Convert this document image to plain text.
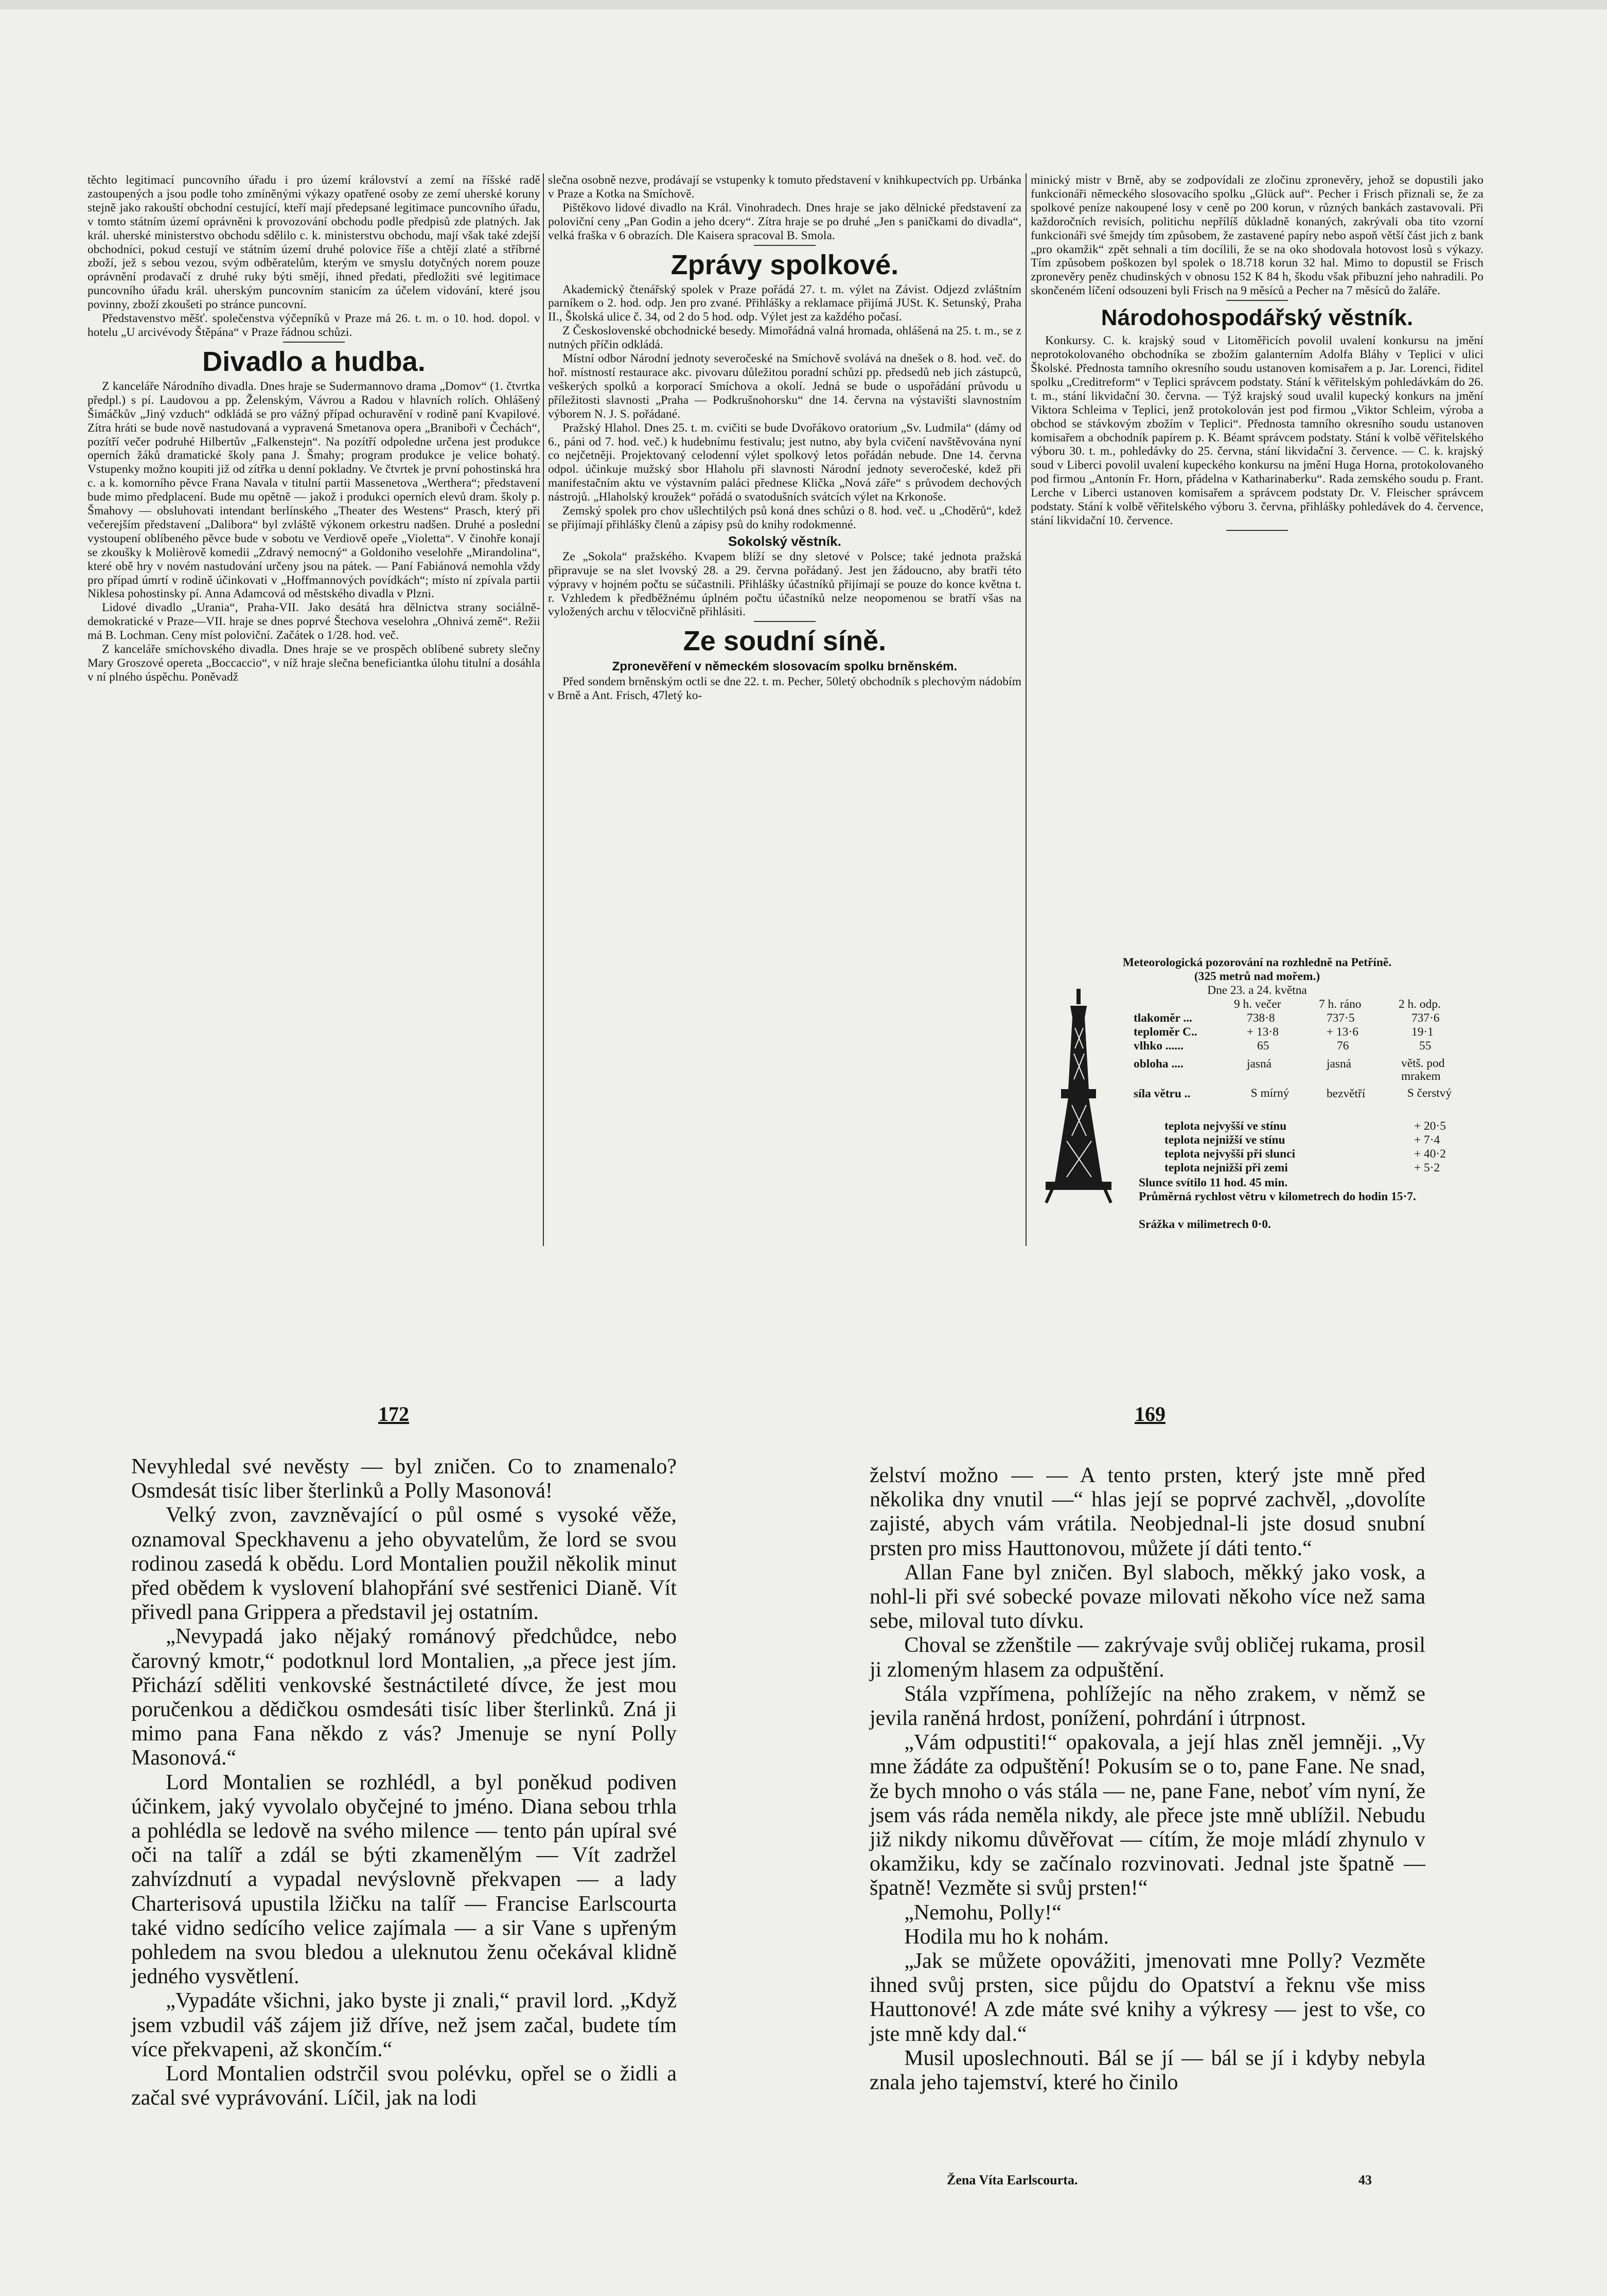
těchto legitimací puncovního úřadu i pro území království a zemí na říšské radě zastoupených a jsou podle toho zmíněnými výkazy opatřené osoby ze zemí uherské koruny stejně jako rakouští obchodní cestující, kteří mají předepsané legitimace puncovního úřadu, v tomto státním území oprávněni k provozování obchodu podle předpisů zde platných. Jak král. uherské ministerstvo obchodu sdělilo c. k. ministerstvu obchodu, mají však také zdejší obchodníci, pokud cestují ve státním území druhé polovice říše a chtějí zlaté a stříbrné zboží, jež s sebou vezou, svým odběratelům, kterým ve smyslu dotyčných norem pouze oprávnění prodavačí z druhé ruky býti smějí, ihned předati, předložiti své legitimace puncovního úřadu král. uherským puncovním stanicím za účelem vidování, které jsou povinny, zboží zkoušeti po stránce puncovní.

Představenstvo měšť. společenstva výčepníků v Praze má 26. t. m. o 10. hod. dopol. v hotelu „U arcivévody Štěpána“ v Praze řádnou schůzi.

Divadlo a hudba.

Z kanceláře Národního divadla. Dnes hraje se Sudermannovo drama „Domov“ (1. čtvrtka předpl.) s pí. Laudovou a pp. Želenským, Vávrou a Radou v hlavních rolích. Ohlášený Šimáčkův „Jiný vzduch“ odkládá se pro vážný případ ochuravění v rodině paní Kvapilové. Zítra hráti se bude nově nastudovaná a vypravená Smetanova opera „Braniboři v Čechách“, pozítří večer podruhé Hilbertův „Falkenstejn“. Na pozítří odpoledne určena jest produkce operních žáků dramatické školy pana J. Šmahy; program produkce je velice bohatý. Vstupenky možno koupiti již od zítřka u denní pokladny. Ve čtvrtek je první pohostinská hra c. a k. komorního pěvce Frana Navala v titulní partii Massenetova „Werthera“; představení bude mimo předplacení. Bude mu opětně — jakož i produkci operních elevů dram. školy p. Šmahovy — obsluhovati intendant berlínského „Theater des Westens“ Prasch, který při večerejším představení „Dalibora“ byl zvláště výkonem orkestru nadšen. Druhé a poslední vystoupení oblíbeného pěvce bude v sobotu ve Verdiově opeře „Violetta“. V činohře konají se zkoušky k Molièrově komedii „Zdravý nemocný“ a Goldoniho veselohře „Mirandolina“, které obě hry v novém nastudování určeny jsou na pátek. — Paní Fabiánová nemohla vždy pro případ úmrtí v rodině účinkovati v „Hoffmannových povídkách“; místo ní zpívala partii Niklesa pohostinsky pí. Anna Adamcová od městského divadla v Plzni.

Lidové divadlo „Urania“, Praha-VII. Jako desátá hra dělnictva strany sociálně-demokratické v Praze—VII. hraje se dnes poprvé Štechova veselohra „Ohnivá země“. Režii má B. Lochman. Ceny míst poloviční. Začátek o 1/28. hod. več.

Z kanceláře smíchovského divadla. Dnes hraje se ve prospěch oblíbené subrety slečny Mary Groszové opereta „Boccaccio“, v níž hraje slečna beneficiantka úlohu titulní a dosáhla v ní plného úspěchu. Poněvadž

slečna osobně nezve, prodávají se vstupenky k tomuto představení v knihkupectvích pp. Urbánka v Praze a Kotka na Smíchově.

Pištěkovo lidové divadlo na Král. Vinohradech. Dnes hraje se jako dělnické představení za poloviční ceny „Pan Godin a jeho dcery“. Zítra hraje se po druhé „Jen s paničkami do divadla“, velká fraška v 6 obrazích. Dle Kaisera spracoval B. Smola.

Zprávy spolkové.

Akademický čtenářský spolek v Praze pořádá 27. t. m. výlet na Závist. Odjezd zvláštním parníkem o 2. hod. odp. Jen pro zvané. Přihlášky a reklamace přijímá JUSt. K. Setunský, Praha II., Školská ulice č. 34, od 2 do 5 hod. odp. Výlet jest za každého počasí.

Z Československé obchodnické besedy. Mimořádná valná hromada, ohlášená na 25. t. m., se z nutných příčin odkládá.

Místní odbor Národní jednoty severočeské na Smíchově svolává na dnešek o 8. hod. več. do hoř. místností restaurace akc. pivovaru důležitou poradní schůzi pp. předsedů neb jich zástupců, veškerých spolků a korporací Smíchova a okolí. Jedná se bude o uspořádání průvodu u příležitosti slavnosti „Praha — Podkrušnohorsku“ dne 14. června na výstavišti slavnostním výborem N. J. S. pořádané.

Pražský Hlahol. Dnes 25. t. m. cvičiti se bude Dvořákovo oratorium „Sv. Ludmila“ (dámy od 6., páni od 7. hod. več.) k hudebnímu festivalu; jest nutno, aby byla cvičení navštěvována nyní co nejčetněji. Projektovaný celodenní výlet spolkový letos pořádán nebude. Dne 14. června odpol. účinkuje mužský sbor Hlaholu při slavnosti Národní jednoty severočeské, kdež při manifestačním aktu ve výstavním paláci přednese Klička „Nová záře“ s průvodem dechových nástrojů. „Hlaholský kroužek“ pořádá o svatodušních svátcích výlet na Krkonoše.

Zemský spolek pro chov ušlechtilých psů koná dnes schůzi o 8. hod. več. u „Choděrů“, kdež se přijímají přihlášky členů a zápisy psů do knihy rodokmenné.

Sokolský věstník.

Ze „Sokola“ pražského. Kvapem blíží se dny sletové v Polsce; také jednota pražská připravuje se na slet lvovský 28. a 29. června pořádaný. Jest jen žádoucno, aby bratři této výpravy v hojném počtu se súčastnili. Přihlášky účastníků přijímají se pouze do konce května t. r. Vzhledem k předběžnému úplném počtu účastníků nelze neopomenou se bratří všas na vyložených archu v tělocvičně přihlásiti.

Ze soudní síně.
Zpronevěření v německém slosovacím spolku brněnském.

Před sondem brněnským octli se dne 22. t. m. Pecher, 50letý obchodník s plechovým nádobím v Brně a Ant. Frisch, 47letý ko-

minický mistr v Brně, aby se zodpovídali ze zločinu zpronevěry, jehož se dopustili jako funkcionáři německého slosovacího spolku „Glück auf“. Pecher i Frisch přiznali se, že za spolkové peníze nakoupené losy v ceně po 200 korun, v různých bankách zastavovali. Při každoročních revisích, politichu nepřílíš důkladně konaných, zakrývali oba tito vzorní funkcionáři své šmejdy tím způsobem, že zastavené papíry nebo aspoň větší část jich z bank „pro okamžik“ zpět sehnali a tím docílili, že se na oko shodovala hotovost losů s výkazy. Tím způsobem poškozen byl spolek o 18.718 korun 32 hal. Mimo to dopustil se Frisch zpronevěry peněz chudinských v obnosu 152 K 84 h, škodu však přibuzní jeho nahradili. Po skončeném líčení odsouzeni byli Frisch na 9 měsíců a Pecher na 7 měsíců do žaláře.

Národohospodářský věstník.

Konkursy. C. k. krajský soud v Litoměřicích povolil uvalení konkursu na jmění neprotokolovaného obchodníka se zbožím galanterním Adolfa Bláhy v Teplici v ulici Školské. Přednosta tamního okresního soudu ustanoven komisařem a p. Jar. Lorenci, řiditel spolku „Creditreform“ v Teplici správcem podstaty. Stání k věřitelským pohledávkám do 26. t. m., stání likvidační 30. června. — Týž krajský soud uvalil kupecký konkurs na jmění Viktora Schleima v Teplici, jenž protokolován jest pod firmou „Viktor Schleim, výroba a obchod se stávkovým zbožím v Teplici“. Přednosta tamního okresního soudu ustanoven komisařem a obchodník papírem p. K. Béamt správcem podstaty. Stání k volbě věřitelského výboru 30. t. m., pohledávky do 25. června, stání likvidační 3. července. — C. k. krajský soud v Liberci povolil uvalení kupeckého konkursu na jmění Huga Horna, protokolovaného pod firmou „Antonín Fr. Horn, přádelna v Katharinaberku“. Rada zemského soudu p. Frant. Lerche v Liberci ustanoven komisařem a správcem podstaty Dr. V. Fleischer správcem podstaty. Stání k volbě věřitelského výboru 3. června, přihlášky pohledávek do 4. července, stání likvidační 10. července.

Meteorologická pozorování na rozhledně na Petříně.
(325 metrů nad mořem.)
Dne 23. a 24. května
9 h. večer	7 h. ráno	2 h. odp.
tlakoměr ...	738·8	737·5	737·6
teploměr C..	+ 13·8	+ 13·6	19·1
vlhko ......	65	76	55
obloha ....	jasná	jasná	větš. pod mrakem
síla větru ..	S mírný	bezvětří	S čerstvý
teplota nejvyšší ve stínu	+ 20·5
teplota nejnižší ve stínu	+ 7·4
teplota nejvyšší při slunci	+ 40·2
teplota nejnižší při zemi	+ 5·2
Slunce svítilo 11 hod. 45 min.
Průměrná rychlost větru v kilometrech do hodin 15·7.
Srážka v milimetrech 0·0.
172	169

Nevyhledal své nevěsty — byl zničen. Co to znamenalo? Osmdesát tisíc liber šterlinků a Polly Masonová!

Velký zvon, zavzněvající o půl osmé s vysoké věže, oznamoval Speckhavenu a jeho obyvatelům, že lord se svou rodinou zasedá k obědu. Lord Montalien použil několik minut před obědem k vyslovení blahopřání své sestřenici Dianě. Vít přivedl pana Grippera a představil jej ostatním.

„Nevypadá jako nějaký románový předchůdce, nebo čarovný kmotr,“ podotknul lord Montalien, „a přece jest jím. Přichází sděliti venkovské šestnáctileté dívce, že jest mou poručenkou a dědičkou osmdesáti tisíc liber šterlinků. Zná ji mimo pana Fana někdo z vás? Jmenuje se nyní Polly Masonová.“

Lord Montalien se rozhlédl, a byl poněkud podiven účinkem, jaký vyvolalo obyčejné to jméno. Diana sebou trhla a pohlédla se ledově na svého milence — tento pán upíral své oči na talíř a zdál se býti zkamenělým — Vít zadržel zahvízdnutí a vypadal nevýslovně překvapen — a lady Charterisová upustila lžičku na talíř — Francise Earlscourta také vidno sedícího velice zajímala — a sir Vane s upřeným pohledem na svou bledou a uleknutou ženu očekával klidně jedného vysvětlení.

„Vypadáte všichni, jako byste ji znali,“ pravil lord. „Když jsem vzbudil váš zájem již dříve, než jsem začal, budete tím více překvapeni, až skončím.“

Lord Montalien odstrčil svou polévku, opřel se o židli a začal své vyprávování. Líčil, jak na lodi

želství možno — — A tento prsten, který jste mně před několika dny vnutil —“ hlas její se poprvé zachvěl, „dovolíte zajisté, abych vám vrátila. Neobjednal-li jste dosud snubní prsten pro miss Hauttonovou, můžete jí dáti tento.“

Allan Fane byl zničen. Byl slaboch, měkký jako vosk, a nohl-li při své sobecké povaze milovati někoho více než sama sebe, miloval tuto dívku.

Choval se zženštile — zakrývaje svůj obličej rukama, prosil ji zlomeným hlasem za odpuštění.

Stála vzpřímena, pohlížejíc na něho zrakem, v němž se jevila raněná hrdost, ponížení, pohrdání i útrpnost.

„Vám odpustiti!“ opakovala, a její hlas zněl jemněji. „Vy mne žádáte za odpuštění! Pokusím se o to, pane Fane. Ne snad, že bych mnoho o vás stála — ne, pane Fane, neboť vím nyní, že jsem vás ráda neměla nikdy, ale přece jste mně ublížil. Nebudu již nikdy nikomu důvěřovat — cítím, že moje mládí zhynulo v okamžiku, kdy se začínalo rozvinovati. Jednal jste špatně — špatně! Vezměte si svůj prsten!“

„Nemohu, Polly!“

Hodila mu ho k nohám.

„Jak se můžete opovážiti, jmenovati mne Polly? Vezměte ihned svůj prsten, sice půjdu do Opatství a řeknu vše miss Hauttonové! A zde máte své knihy a výkresy — jest to vše, co jste mně kdy dal.“

Musil uposlechnouti. Bál se jí — bál se jí i kdyby nebyla znala jeho tajemství, které ho činilo

Žena Víta Earlscourta.	43
